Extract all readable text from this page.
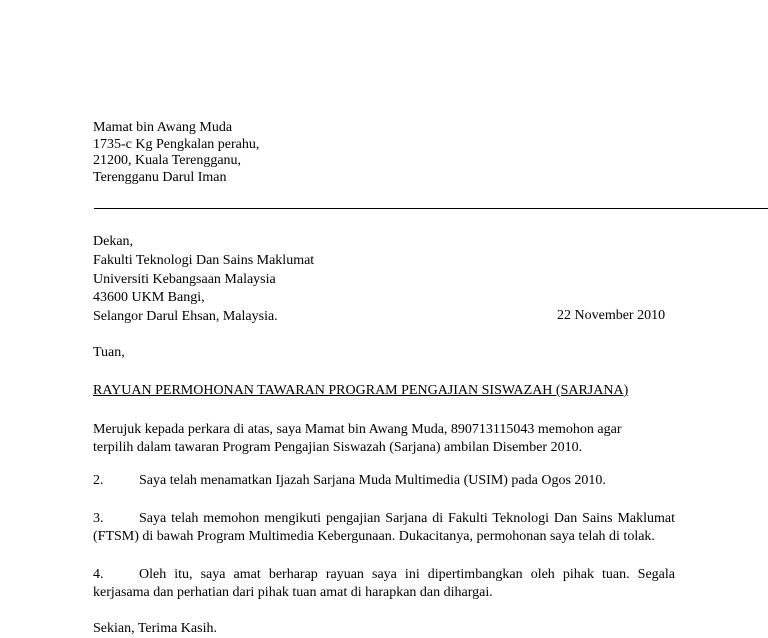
Mamat bin Awang Muda
1735-c Kg Pengkalan perahu,
21200, Kuala Terengganu,
Terengganu Darul Iman
Dekan,
Fakulti Teknologi Dan Sains Maklumat
Universiti Kebangsaan Malaysia
43600 UKM Bangi,
Selangor Darul Ehsan, Malaysia.	22 November 2010
Tuan,
RAYUAN PERMOHONAN TAWARAN PROGRAM PENGAJIAN SISWAZAH (SARJANA)
Merujuk kepada perkara di atas, saya Mamat bin Awang Muda, 890713115043 memohon agar
terpilih dalam tawaran Program Pengajian Siswazah (Sarjana) ambilan Disember 2010.
2.	Saya telah menamatkan Ijazah Sarjana Muda Multimedia (USIM) pada Ogos 2010.
3.	Saya telah memohon mengikuti pengajian Sarjana di Fakulti Teknologi Dan Sains Maklumat
(FTSM) di bawah Program Multimedia Kebergunaan. Dukacitanya, permohonan saya telah di tolak.
4.	Oleh itu, saya amat berharap rayuan saya ini dipertimbangkan oleh pihak tuan. Segala
kerjasama dan perhatian dari pihak tuan amat di harapkan dan dihargai.
Sekian, Terima Kasih.
